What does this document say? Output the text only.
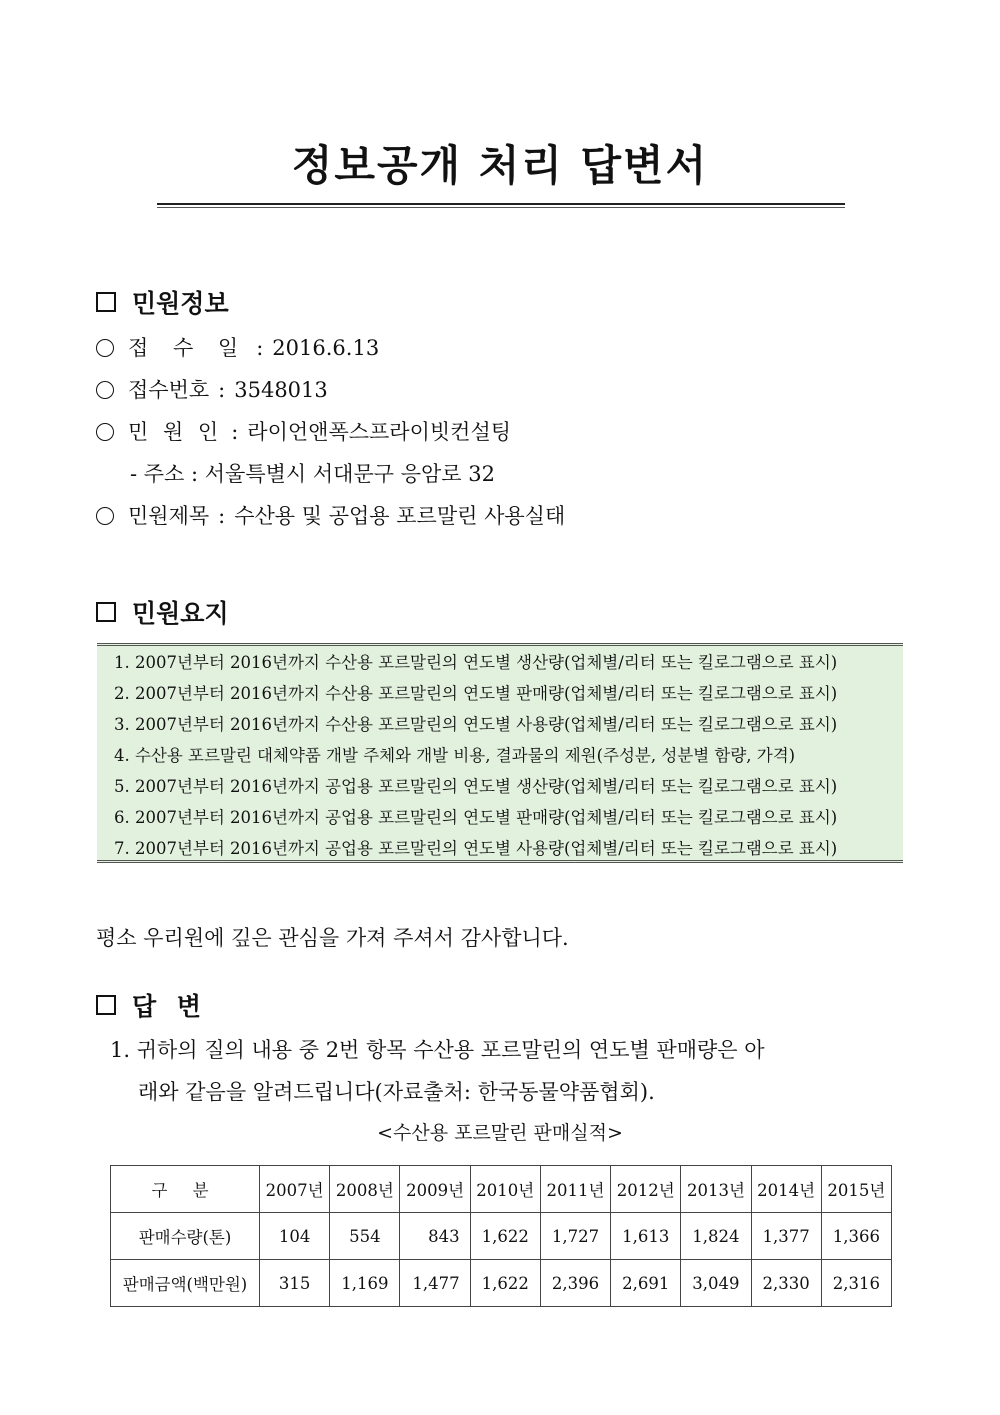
정보공개 처리 답변서
민원정보
접 수 일 : 2016.6.13
접수번호 : 3548013
민 원 인 : 라이언앤폭스프라이빗컨설팅
- 주소 : 서울특별시 서대문구 응암로 32
민원제목 : 수산용 및 공업용 포르말린 사용실태
민원요지
1. 2007년부터 2016년까지 수산용 포르말린의 연도별 생산량(업체별/리터 또는 킬로그램으로 표시)
2. 2007년부터 2016년까지 수산용 포르말린의 연도별 판매량(업체별/리터 또는 킬로그램으로 표시)
3. 2007년부터 2016년까지 수산용 포르말린의 연도별 사용량(업체별/리터 또는 킬로그램으로 표시)
4. 수산용 포르말린 대체약품 개발 주체와 개발 비용, 결과물의 제원(주성분, 성분별 함량, 가격)
5. 2007년부터 2016년까지 공업용 포르말린의 연도별 생산량(업체별/리터 또는 킬로그램으로 표시)
6. 2007년부터 2016년까지 공업용 포르말린의 연도별 판매량(업체별/리터 또는 킬로그램으로 표시)
7. 2007년부터 2016년까지 공업용 포르말린의 연도별 사용량(업체별/리터 또는 킬로그램으로 표시)
평소 우리원에 깊은 관심을 가져 주셔서 감사합니다.
답 변
1. 귀하의 질의 내용 중 2번 항목 수산용 포르말린의 연도별 판매량은 아
래와 같음을 알려드립니다(자료출처: 한국동물약품협회).
<수산용 포르말린 판매실적>
구 분	2007년	2008년	2009년	2010년	2011년	2012년	2013년	2014년	2015년
판매수량(톤)	104	554	843	1,622	1,727	1,613	1,824	1,377	1,366
판매금액(백만원)	315	1,169	1,477	1,622	2,396	2,691	3,049	2,330	2,316
